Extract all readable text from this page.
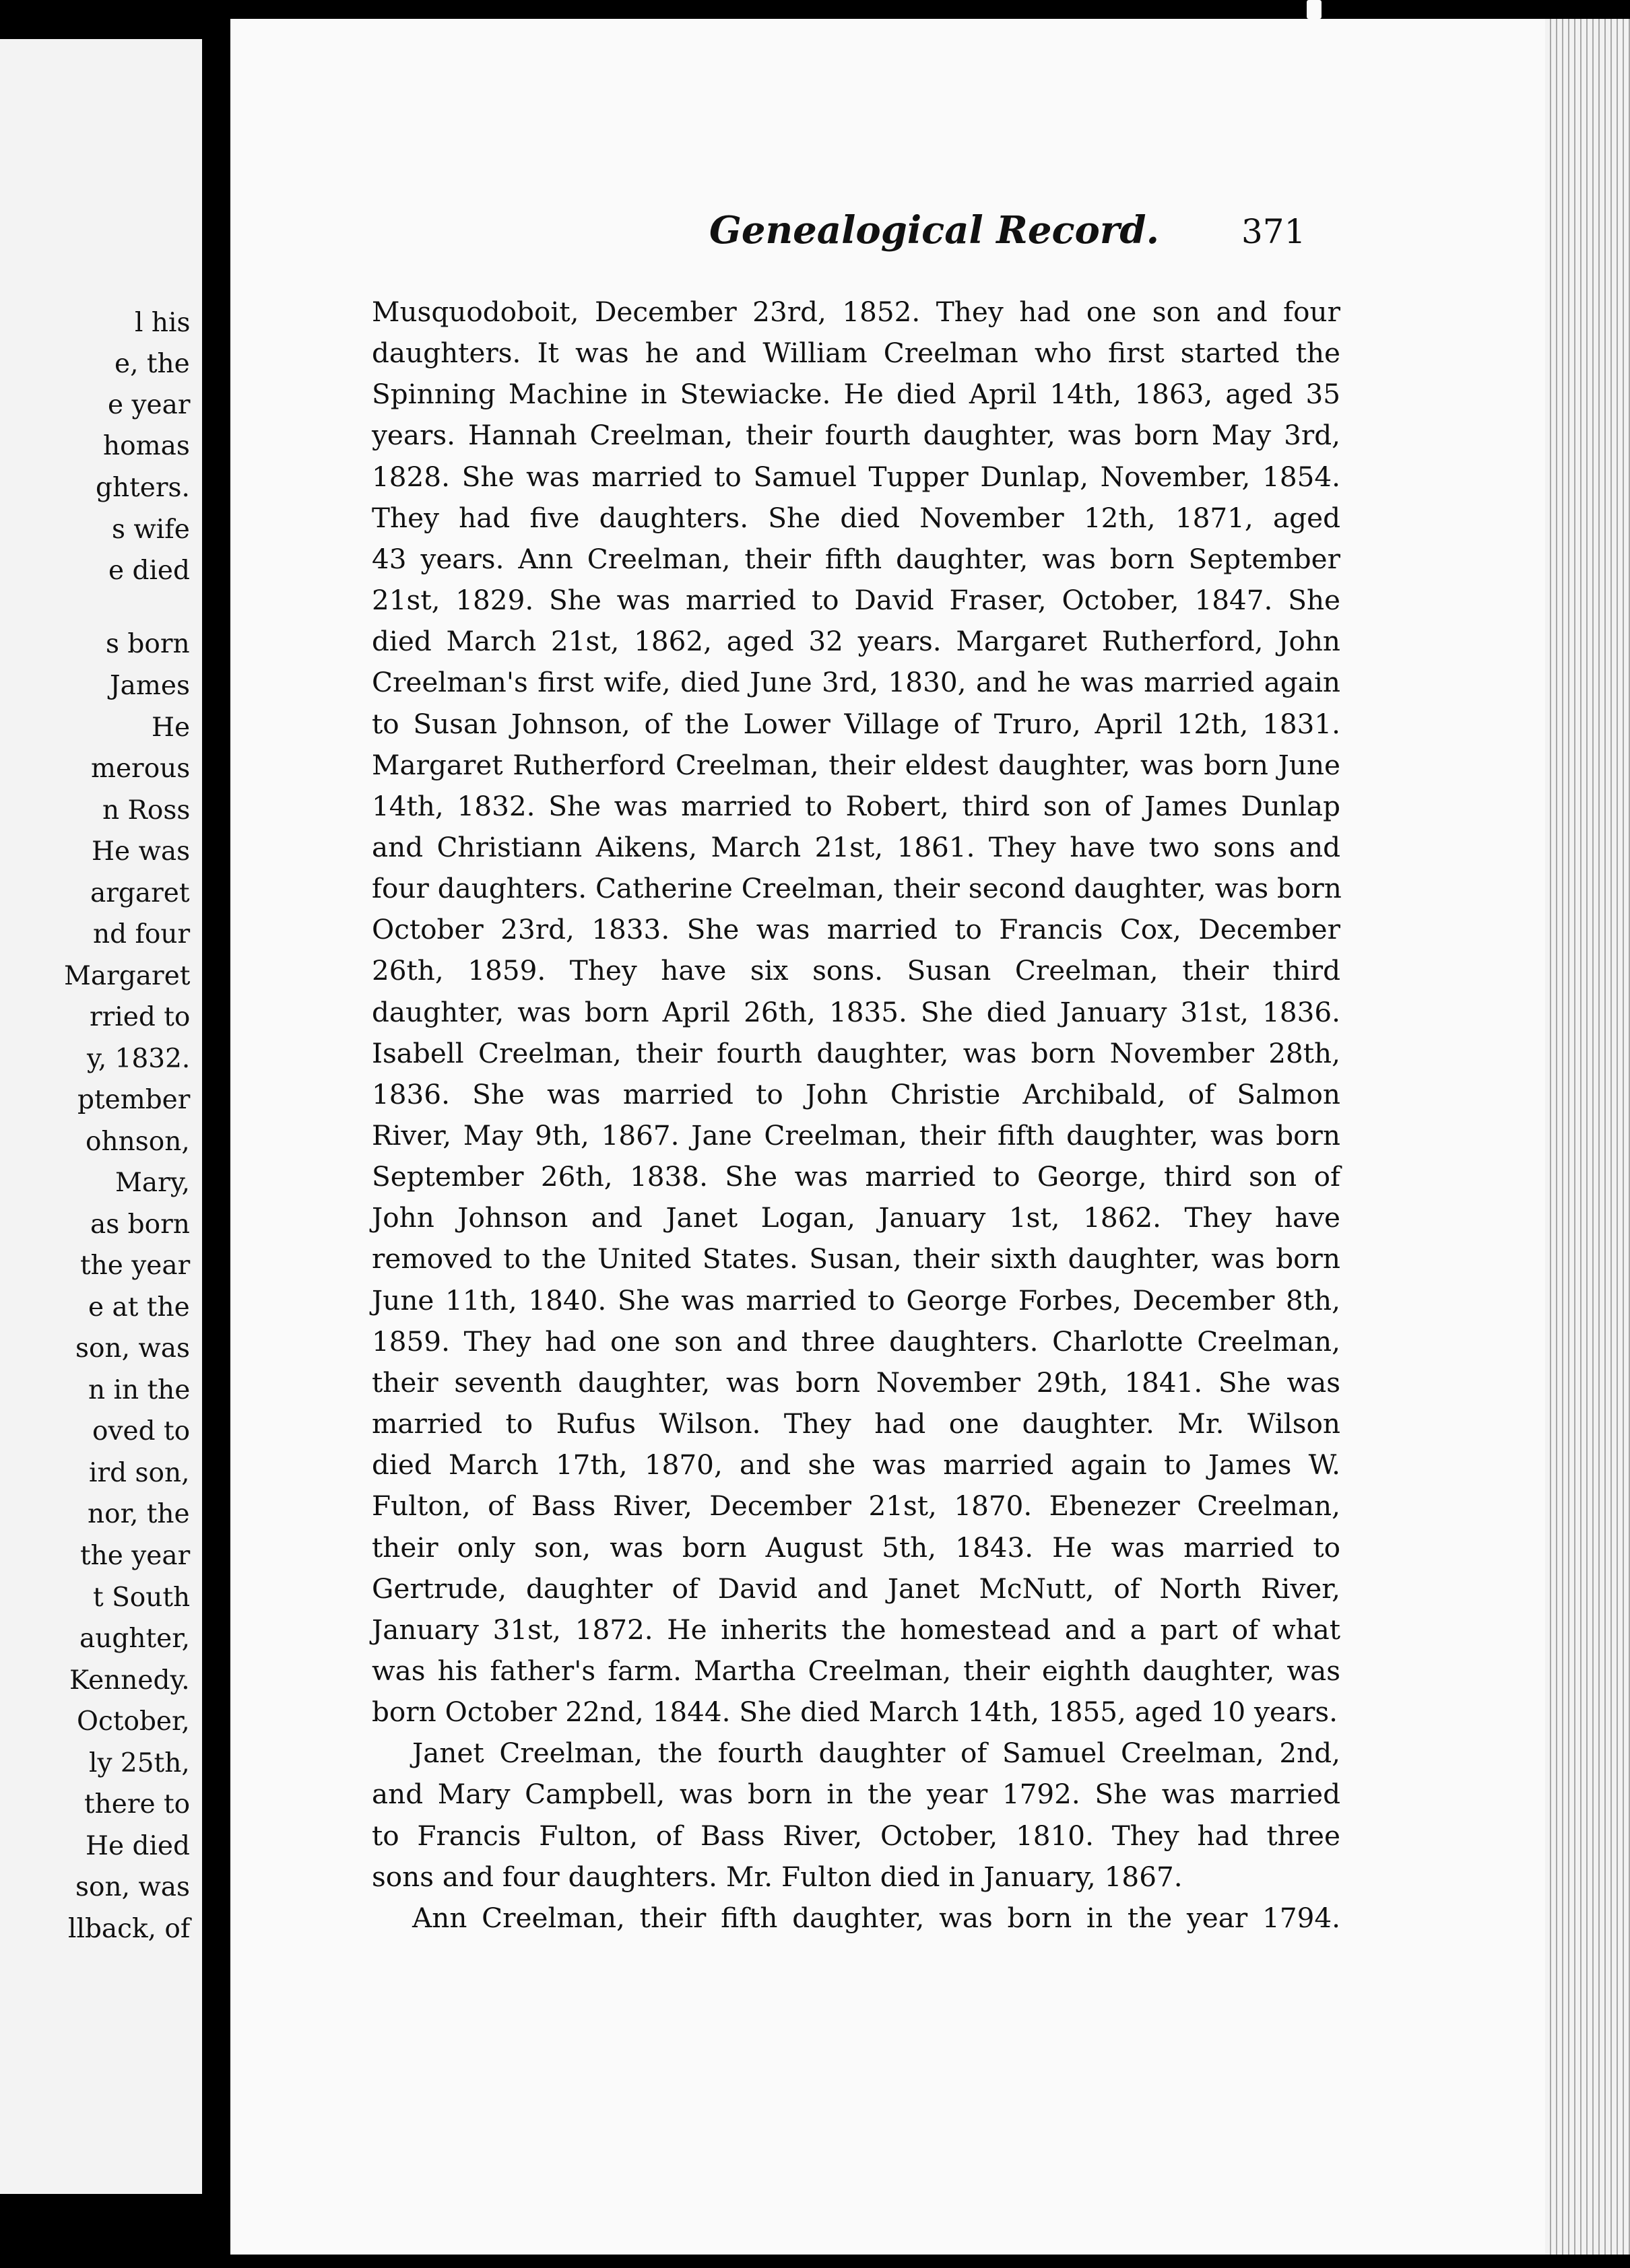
l his

e, the

e year

homas

ghters.

s wife

e died

s born

James

He

merous

n Ross

He was

argaret

nd four

Margaret

rried to

y, 1832.

ptember

ohnson,

Mary,

as born

the year

e at the

son, was

n in the

oved to

ird son,

nor, the

the year

t South

aughter,

Kennedy.

October,

ly 25th,

there to

He died

son, was

llback, of

Genealogical Record. 371

Musquodoboit, December 23rd, 1852. They had one son and four

daughters. It was he and William Creelman who first started the

Spinning Machine in Stewiacke. He died April 14th, 1863, aged 35

years. Hannah Creelman, their fourth daughter, was born May 3rd,

1828. She was married to Samuel Tupper Dunlap, November, 1854.

They had five daughters. She died November 12th, 1871, aged

43 years. Ann Creelman, their fifth daughter, was born September

21st, 1829. She was married to David Fraser, October, 1847. She

died March 21st, 1862, aged 32 years. Margaret Rutherford, John

Creelman's first wife, died June 3rd, 1830, and he was married again

to Susan Johnson, of the Lower Village of Truro, April 12th, 1831.

Margaret Rutherford Creelman, their eldest daughter, was born June

14th, 1832. She was married to Robert, third son of James Dunlap

and Christiann Aikens, March 21st, 1861. They have two sons and

four daughters. Catherine Creelman, their second daughter, was born

October 23rd, 1833. She was married to Francis Cox, December

26th, 1859. They have six sons. Susan Creelman, their third

daughter, was born April 26th, 1835. She died January 31st, 1836.

Isabell Creelman, their fourth daughter, was born November 28th,

1836. She was married to John Christie Archibald, of Salmon

River, May 9th, 1867. Jane Creelman, their fifth daughter, was born

September 26th, 1838. She was married to George, third son of

John Johnson and Janet Logan, January 1st, 1862. They have

removed to the United States. Susan, their sixth daughter, was born

June 11th, 1840. She was married to George Forbes, December 8th,

1859. They had one son and three daughters. Charlotte Creelman,

their seventh daughter, was born November 29th, 1841. She was

married to Rufus Wilson. They had one daughter. Mr. Wilson

died March 17th, 1870, and she was married again to James W.

Fulton, of Bass River, December 21st, 1870. Ebenezer Creelman,

their only son, was born August 5th, 1843. He was married to

Gertrude, daughter of David and Janet McNutt, of North River,

January 31st, 1872. He inherits the homestead and a part of what

was his father's farm. Martha Creelman, their eighth daughter, was

born October 22nd, 1844. She died March 14th, 1855, aged 10 years.

Janet Creelman, the fourth daughter of Samuel Creelman, 2nd,

and Mary Campbell, was born in the year 1792. She was married

to Francis Fulton, of Bass River, October, 1810. They had three

sons and four daughters. Mr. Fulton died in January, 1867.

Ann Creelman, their fifth daughter, was born in the year 1794.
